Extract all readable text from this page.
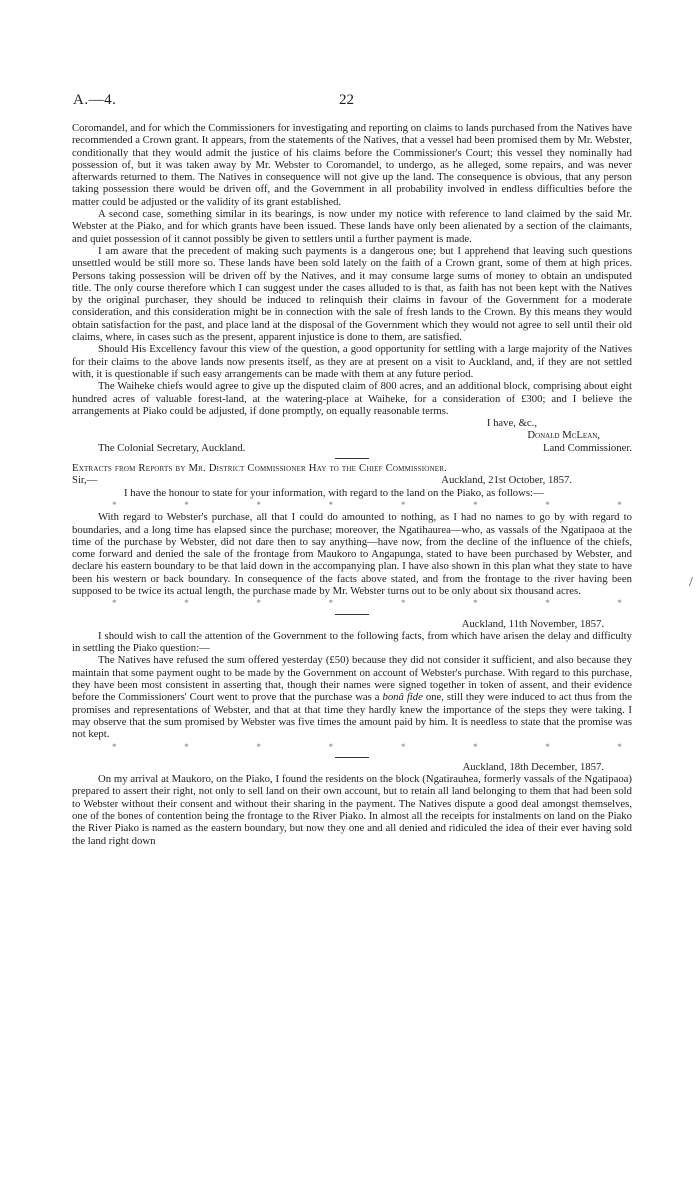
A.—4.	22
/

Coromandel, and for which the Commissioners for investigating and reporting on claims to lands purchased from the Natives have recommended a Crown grant. It appears, from the statements of the Natives, that a vessel had been promised them by Mr. Webster, conditionally that they would admit the justice of his claims before the Commissioner's Court; this vessel they nominally had possession of, but it was taken away by Mr. Webster to Coromandel, to undergo, as he alleged, some repairs, and was never afterwards returned to them. The Natives in consequence will not give up the land. The consequence is obvious, that any person taking possession there would be driven off, and the Government in all probability involved in endless difficulties before the matter could be adjusted or the validity of its grant established.

A second case, something similar in its bearings, is now under my notice with reference to land claimed by the said Mr. Webster at the Piako, and for which grants have been issued. These lands have only been alienated by a section of the claimants, and quiet possession of it cannot possibly be given to settlers until a further payment is made.

I am aware that the precedent of making such payments is a dangerous one; but I apprehend that leaving such questions unsettled would be still more so. These lands have been sold lately on the faith of a Crown grant, some of them at high prices. Persons taking possession will be driven off by the Natives, and it may consume large sums of money to obtain an undisputed title. The only course therefore which I can suggest under the cases alluded to is that, as faith has not been kept with the Natives by the original purchaser, they should be induced to relinquish their claims in favour of the Government for a moderate consideration, and this consideration might be in connection with the sale of fresh lands to the Crown. By this means they would obtain satisfaction for the past, and place land at the disposal of the Government which they would not agree to sell until their old claims, where, in cases such as the present, apparent injustice is done to them, are satisfied.

Should His Excellency favour this view of the question, a good opportunity for settling with a large majority of the Natives for their claims to the above lands now presents itself, as they are at present on a visit to Auckland, and, if they are not settled with, it is questionable if such easy arrangements can be made with them at any future period.

The Waiheke chiefs would agree to give up the disputed claim of 800 acres, and an additional block, comprising about eight hundred acres of valuable forest-land, at the watering-place at Waiheke, for a consideration of £300; and I believe the arrangements at Piako could be adjusted, if done promptly, on equally reasonable terms.

I have, &c.,
Donald McLean,
The Colonial Secretary, Auckland.	Land Commissioner.

Extracts from Reports by Mr. District Commissioner Hay to the Chief Commissioner.

Sir,—	Auckland, 21st October, 1857.

I have the honour to state for your information, with regard to the land on the Piako, as follows:—

*	*	*	*	*	*	*	*

With regard to Webster's purchase, all that I could do amounted to nothing, as I had no names to go by with regard to boundaries, and a long time has elapsed since the purchase; moreover, the Ngatihaurea—who, as vassals of the Ngatipaoa at the time of the purchase by Webster, did not dare then to say anything—have now, from the decline of the influence of the chiefs, come forward and denied the sale of the frontage from Maukoro to Angapunga, stated to have been purchased by Webster, and declare his eastern boundary to be that laid down in the accompanying plan. I have also shown in this plan what they state to have been his western or back boundary. In consequence of the facts above stated, and from the frontage to the river having been supposed to be twice its actual length, the purchase made by Mr. Webster turns out to be only about six thousand acres.

*	*	*	*	*	*	*	*

Auckland, 11th November, 1857.

I should wish to call the attention of the Government to the following facts, from which have arisen the delay and difficulty in settling the Piako question:—

The Natives have refused the sum offered yesterday (£50) because they did not consider it sufficient, and also because they maintain that some payment ought to be made by the Government on account of Webster's purchase. With regard to this purchase, they have been most consistent in asserting that, though their names were signed together in token of assent, and their evidence before the Commissioners' Court went to prove that the purchase was a bonâ fide one, still they were induced to act thus from the promises and representations of Webster, and that at that time they hardly knew the importance of the steps they were taking. I may observe that the sum promised by Webster was five times the amount paid by him. It is needless to state that the promise was not kept.

*	*	*	*	*	*	*	*

Auckland, 18th December, 1857.

On my arrival at Maukoro, on the Piako, I found the residents on the block (Ngatirauhea, formerly vassals of the Ngatipaoa) prepared to assert their right, not only to sell land on their own account, but to retain all land belonging to them that had been sold to Webster without their consent and without their sharing in the payment. The Natives dispute a good deal amongst themselves, one of the bones of contention being the frontage to the River Piako. In almost all the receipts for instalments on land on the Piako the River Piako is named as the eastern boundary, but now they one and all denied and ridiculed the idea of their ever having sold the land right down
